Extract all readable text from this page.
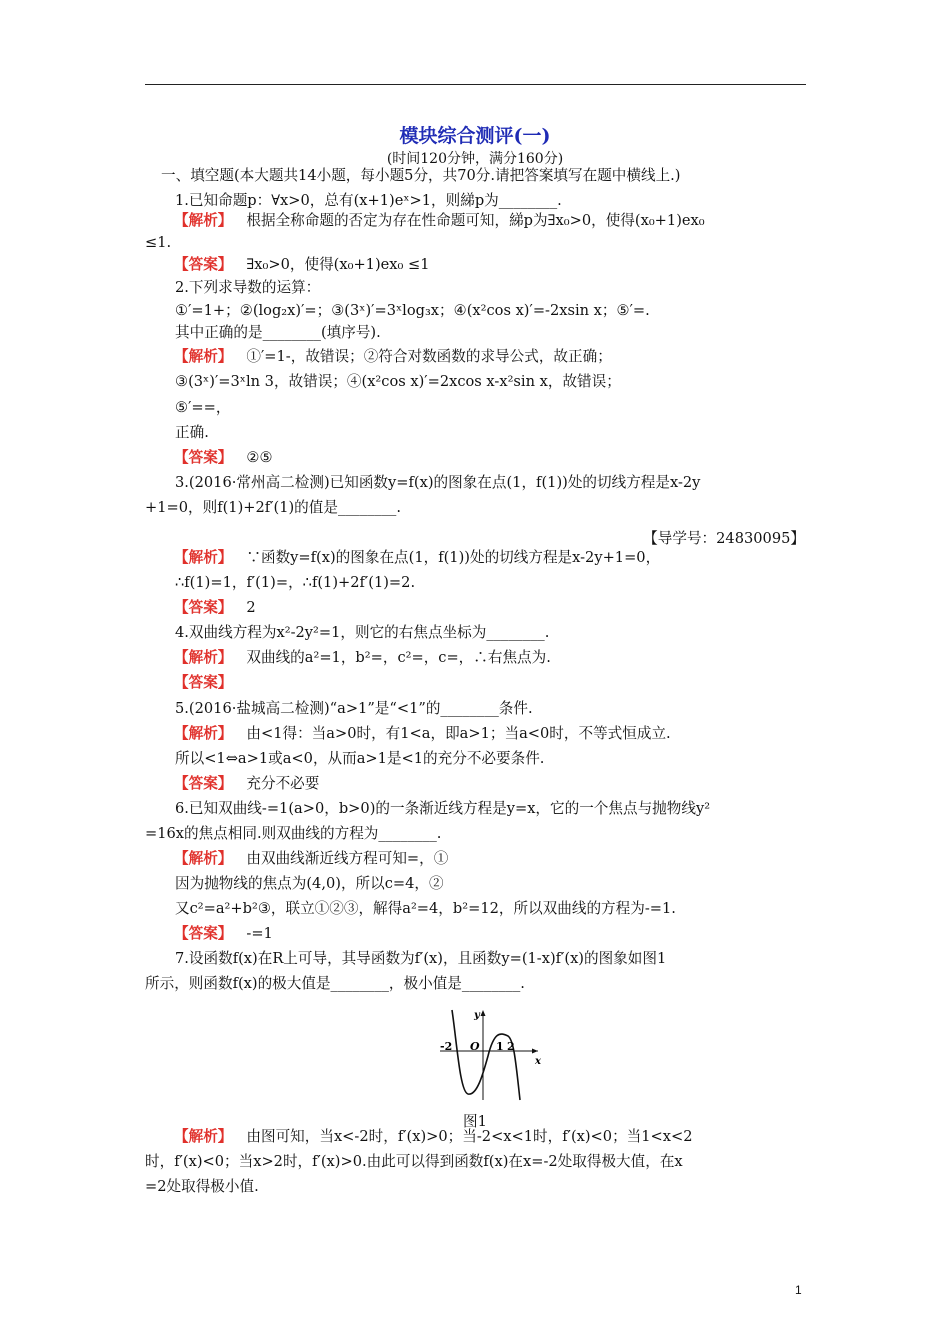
模块综合测评(一)
(时间120分钟，满分160分)
一、填空题(本大题共14小题，每小题5分，共70分.请把答案填写在题中横线上.)
1.已知命题p：∀x>0，总有(x+1)eˣ>1，则綈p为________.
【解析】 根据全称命题的否定为存在性命题可知，綈p为∃x₀>0，使得(x₀+1)ex₀
≤1.
【答案】 ∃x₀>0，使得(x₀+1)ex₀ ≤1
2.下列求导数的运算：
①′=1+；②(log₂x)′=；③(3ˣ)′=3ˣlog₃x；④(x²cos x)′=-2xsin x；⑤′=.
其中正确的是________(填序号).
【解析】 ①′=1-，故错误；②符合对数函数的求导公式，故正确；
③(3ˣ)′=3ˣln 3，故错误；④(x²cos x)′=2xcos x-x²sin x，故错误；
⑤′==，
正确.
【答案】 ②⑤
3.(2016·常州高二检测)已知函数y=f(x)的图象在点(1，f(1))处的切线方程是x-2y
+1=0，则f(1)+2f′(1)的值是________.
【解析】 ∵函数y=f(x)的图象在点(1，f(1))处的切线方程是x-2y+1=0，
∴f(1)=1，f′(1)=，∴f(1)+2f′(1)=2.
【答案】 2
4.双曲线方程为x²-2y²=1，则它的右焦点坐标为________.
【解析】 双曲线的a²=1，b²=，c²=，c=，∴右焦点为.
【答案】
5.(2016·盐城高二检测)“a>1”是“<1”的________条件.
【解析】 由<1得：当a>0时，有1<a，即a>1；当a<0时，不等式恒成立.
所以<1⇔a>1或a<0，从而a>1是<1的充分不必要条件.
【答案】 充分不必要
6.已知双曲线-=1(a>0，b>0)的一条渐近线方程是y=x，它的一个焦点与抛物线y²
=16x的焦点相同.则双曲线的方程为________.
【解析】 由双曲线渐近线方程可知=，①
因为抛物线的焦点为(4,0)，所以c=4，②
又c²=a²+b²③，联立①②③，解得a²=4，b²=12，所以双曲线的方程为-=1.
【答案】 -=1
7.设函数f(x)在R上可导，其导函数为f′(x)，且函数y=(1-x)f′(x)的图象如图1
所示，则函数f(x)的极大值是________，极小值是________.
【解析】 由图可知，当x<-2时，f′(x)>0；当-2<x<1时，f′(x)<0；当1<x<2
时，f′(x)<0；当x>2时，f′(x)>0.由此可以得到函数f(x)在x=-2处取得极大值，在x
=2处取得极小值.
【导学号：24830095】
y
x
-2 O 1 2
图1
1
